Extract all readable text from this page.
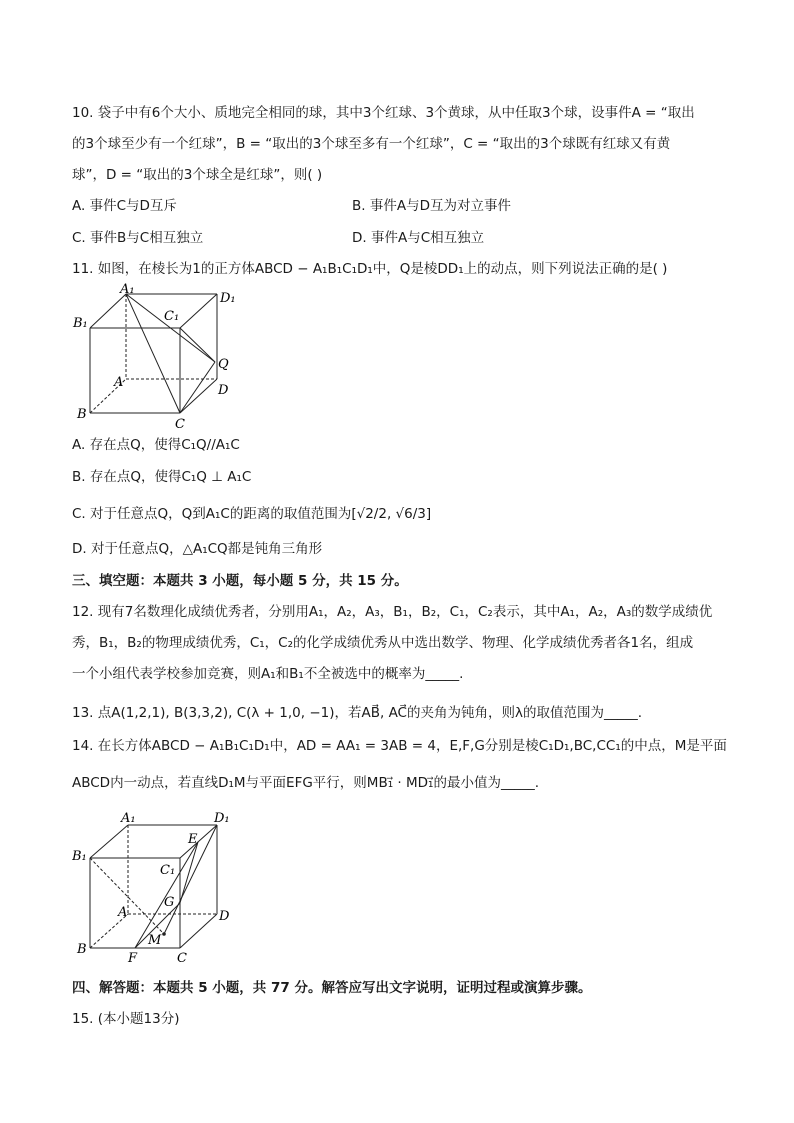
10. 袋子中有6个大小、质地完全相同的球，其中3个红球、3个黄球，从中任取3个球，设事件A = “取出
的3个球至少有一个红球”，B = “取出的3个球至多有一个红球”，C = “取出的3个球既有红球又有黄
球”，D = “取出的3个球全是红球”，则( )
A. 事件C与D互斥	B. 事件A与D互为对立事件
C. 事件B与C相互独立	D. 事件A与C相互独立
11. 如图，在棱长为1的正方体ABCD − A₁B₁C₁D₁中，Q是棱DD₁上的动点，则下列说法正确的是( )
A₁
D₁
B₁	C₁
Q
A
D
B
C
A. 存在点Q，使得C₁Q//A₁C
B. 存在点Q，使得C₁Q ⊥ A₁C
C. 对于任意点Q，Q到A₁C的距离的取值范围为[√2/2, √6/3]
D. 对于任意点Q，△A₁CQ都是钝角三角形
三、填空题：本题共 3 小题，每小题 5 分，共 15 分。
12. 现有7名数理化成绩优秀者，分别用A₁，A₂，A₃，B₁，B₂，C₁，C₂表示，其中A₁，A₂，A₃的数学成绩优
秀，B₁，B₂的物理成绩优秀，C₁，C₂的化学成绩优秀从中选出数学、物理、化学成绩优秀者各1名，组成
一个小组代表学校参加竞赛，则A₁和B₁不全被选中的概率为_____.
13. 点A(1,2,1), B(3,3,2), C(λ + 1,0, −1)，若AB⃗, AC⃗的夹角为钝角，则λ的取值范围为_____.
14. 在长方体ABCD − A₁B₁C₁D₁中，AD = AA₁ = 3AB = 4，E,F,G分别是棱C₁D₁,BC,CC₁的中点，M是平面
ABCD内一动点，若直线D₁M与平面EFG平行，则MB₁⃗ · MD₁⃗的最小值为_____.
A₁	D₁
B₁
E
C₁
G
A	D
M
B
F	C
四、解答题：本题共 5 小题，共 77 分。解答应写出文字说明，证明过程或演算步骤。
15. (本小题13分)
